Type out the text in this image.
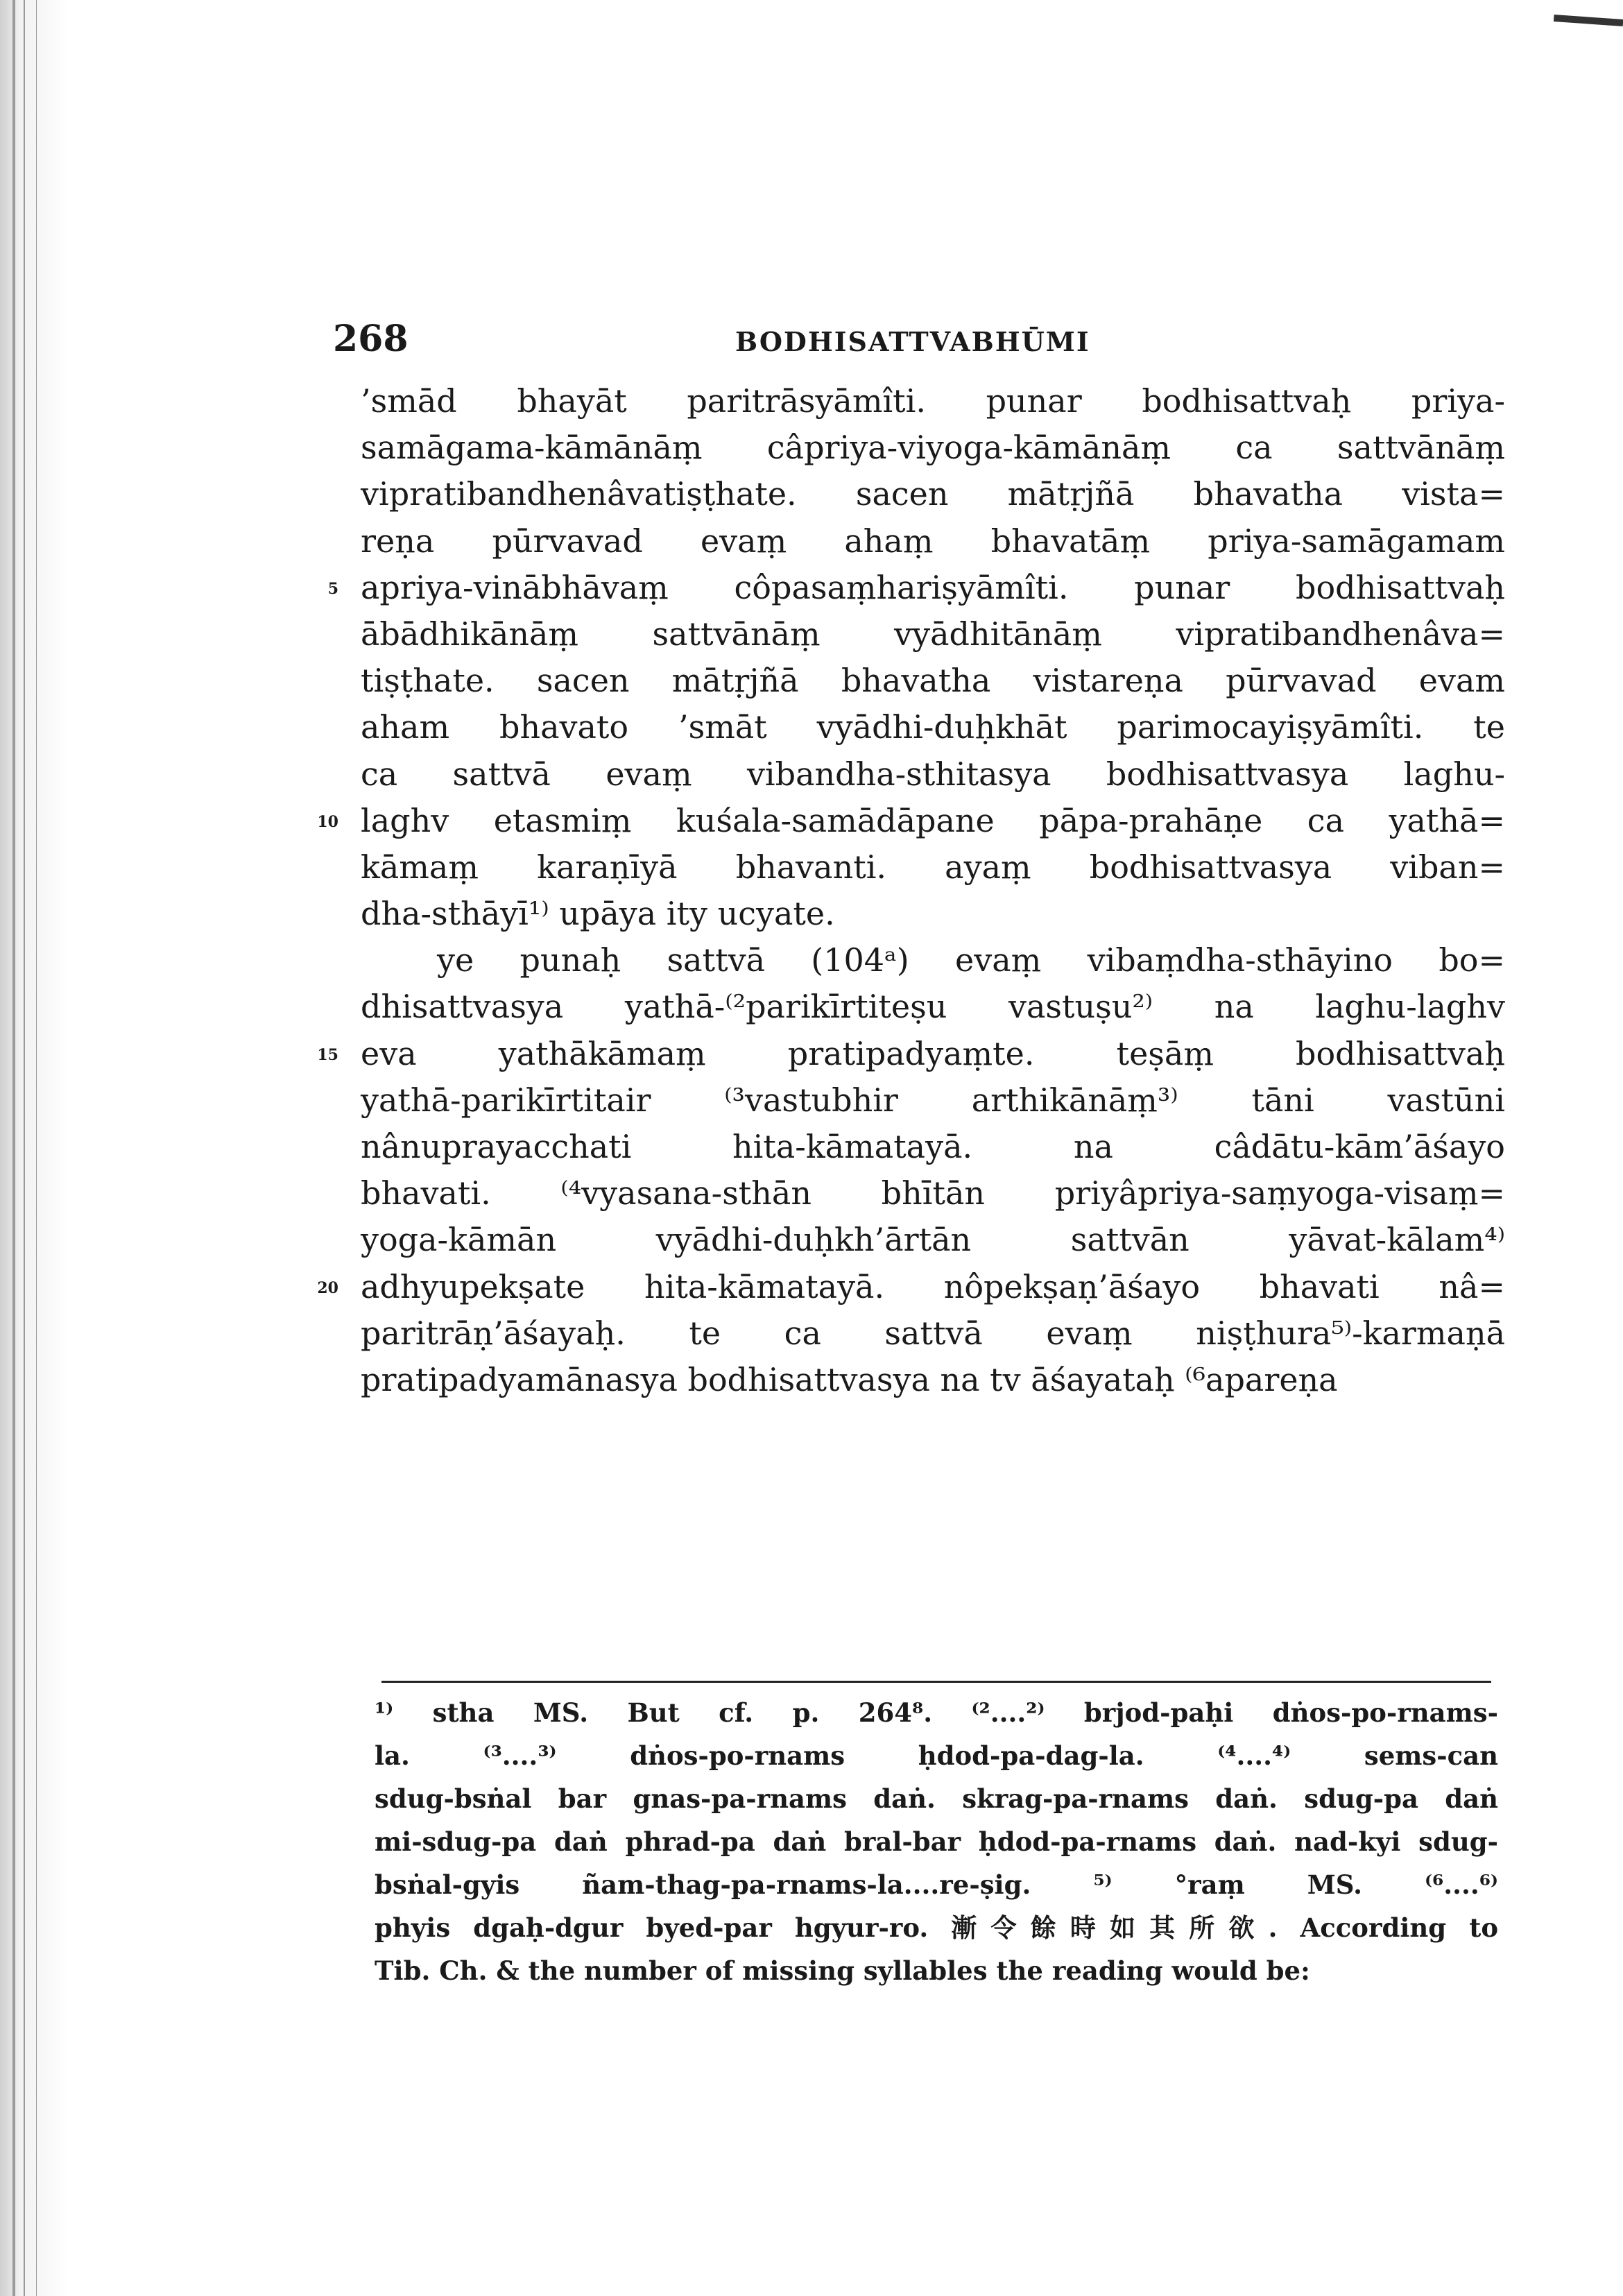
268	BODHISATTVABHŪMI
’smād bhayāt paritrāsyāmîti. punar bodhisattvaḥ priya-
samāgama-kāmānāṃ câpriya-viyoga-kāmānāṃ ca sattvānāṃ
vipratibandhenâvatiṣṭhate. sacen mātṛjñā bhavatha vista=
reṇa pūrvavad evaṃ ahaṃ bhavatāṃ priya-samāgamam
apriya-vinābhāvaṃ côpasaṃhariṣyāmîti. punar bodhisattvaḥ
5
ābādhikānāṃ sattvānāṃ vyādhitānāṃ vipratibandhenâva=
tiṣṭhate. sacen mātṛjñā bhavatha vistareṇa pūrvavad evam
aham bhavato ’smāt vyādhi-duḥkhāt parimocayiṣyāmîti. te
ca sattvā evaṃ vibandha-sthitasya bodhisattvasya laghu-
laghv etasmiṃ kuśala-samādāpane pāpa-prahāṇe ca yathā=
10
kāmaṃ karaṇīyā bhavanti. ayaṃ bodhisattvasya viban=
dha-sthāyī¹⁾ upāya ity ucyate.
ye punaḥ sattvā (104ᵃ) evaṃ vibaṃdha-sthāyino bo=
dhisattvasya yathā-⁽²parikīrtiteṣu vastuṣu²⁾ na laghu-laghv
eva yathākāmaṃ pratipadyaṃte. teṣāṃ bodhisattvaḥ
15
yathā-parikīrtitair ⁽³vastubhir arthikānāṃ³⁾ tāni vastūni
nânuprayacchati hita-kāmatayā. na câdātu-kām’āśayo
bhavati. ⁽⁴vyasana-sthān bhītān priyâpriya-saṃyoga-visaṃ=
yoga-kāmān vyādhi-duḥkh’ārtān sattvān yāvat-kālam⁴⁾
adhyupekṣate hita-kāmatayā. nôpekṣaṇ’āśayo bhavati nâ=
20
paritrāṇ’āśayaḥ. te ca sattvā evaṃ niṣṭhura⁵⁾-karmaṇā
pratipadyamānasya bodhisattvasya na tv āśayataḥ ⁽⁶apareṇa
¹⁾ stha MS. But cf. p. 264⁸. ⁽²....²⁾ brjod-paḥi dṅos-po-rnams-
la. ⁽³....³⁾ dṅos-po-rnams ḥdod-pa-dag-la. ⁽⁴....⁴⁾ sems-can
sdug-bsṅal bar gnas-pa-rnams daṅ. skrag-pa-rnams daṅ. sdug-pa daṅ
mi-sdug-pa daṅ phrad-pa daṅ bral-bar ḥdod-pa-rnams daṅ. nad-kyi sdug-
bsṅal-gyis ñam-thag-pa-rnams-la....re-ṣig. ⁵⁾ °raṃ MS. ⁽⁶....⁶⁾
phyis dgaḥ-dgur byed-par hgyur-ro. 漸令餘時如其所欲. According to
Tib. Ch. & the number of missing syllables the reading would be:
